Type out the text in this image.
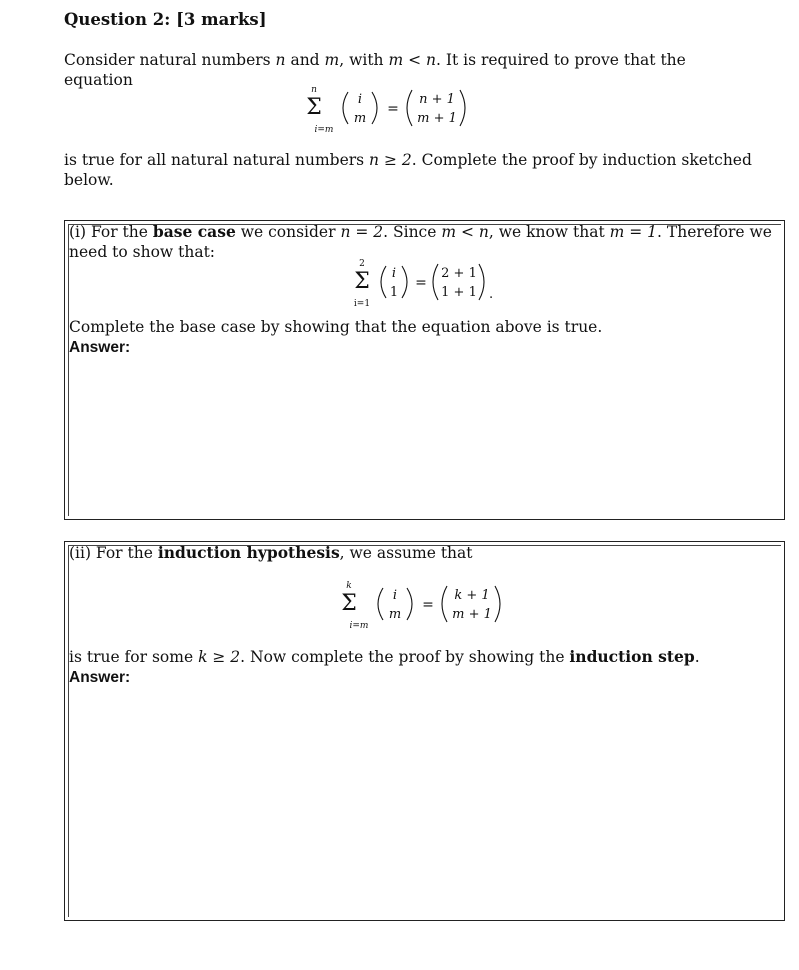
Question 2: [3 marks]
Consider natural numbers n and m, with m < n. It is required to prove that the equation
n
Σ
i=m
i
m
=
n + 1
m + 1
is true for all natural natural numbers n ≥ 2. Complete the proof by induction sketched below.
(i) For the base case we consider n = 2. Since m < n, we know that m = 1. Therefore we need to show that:
2
Σ
i=1
i
1
=
2 + 1
1 + 1 .
Complete the base case by showing that the equation above is true.
Answer:
(ii) For the induction hypothesis, we assume that
k
Σ
i=m
i
m
=
k + 1
m + 1
is true for some k ≥ 2. Now complete the proof by showing the induction step.
Answer:
